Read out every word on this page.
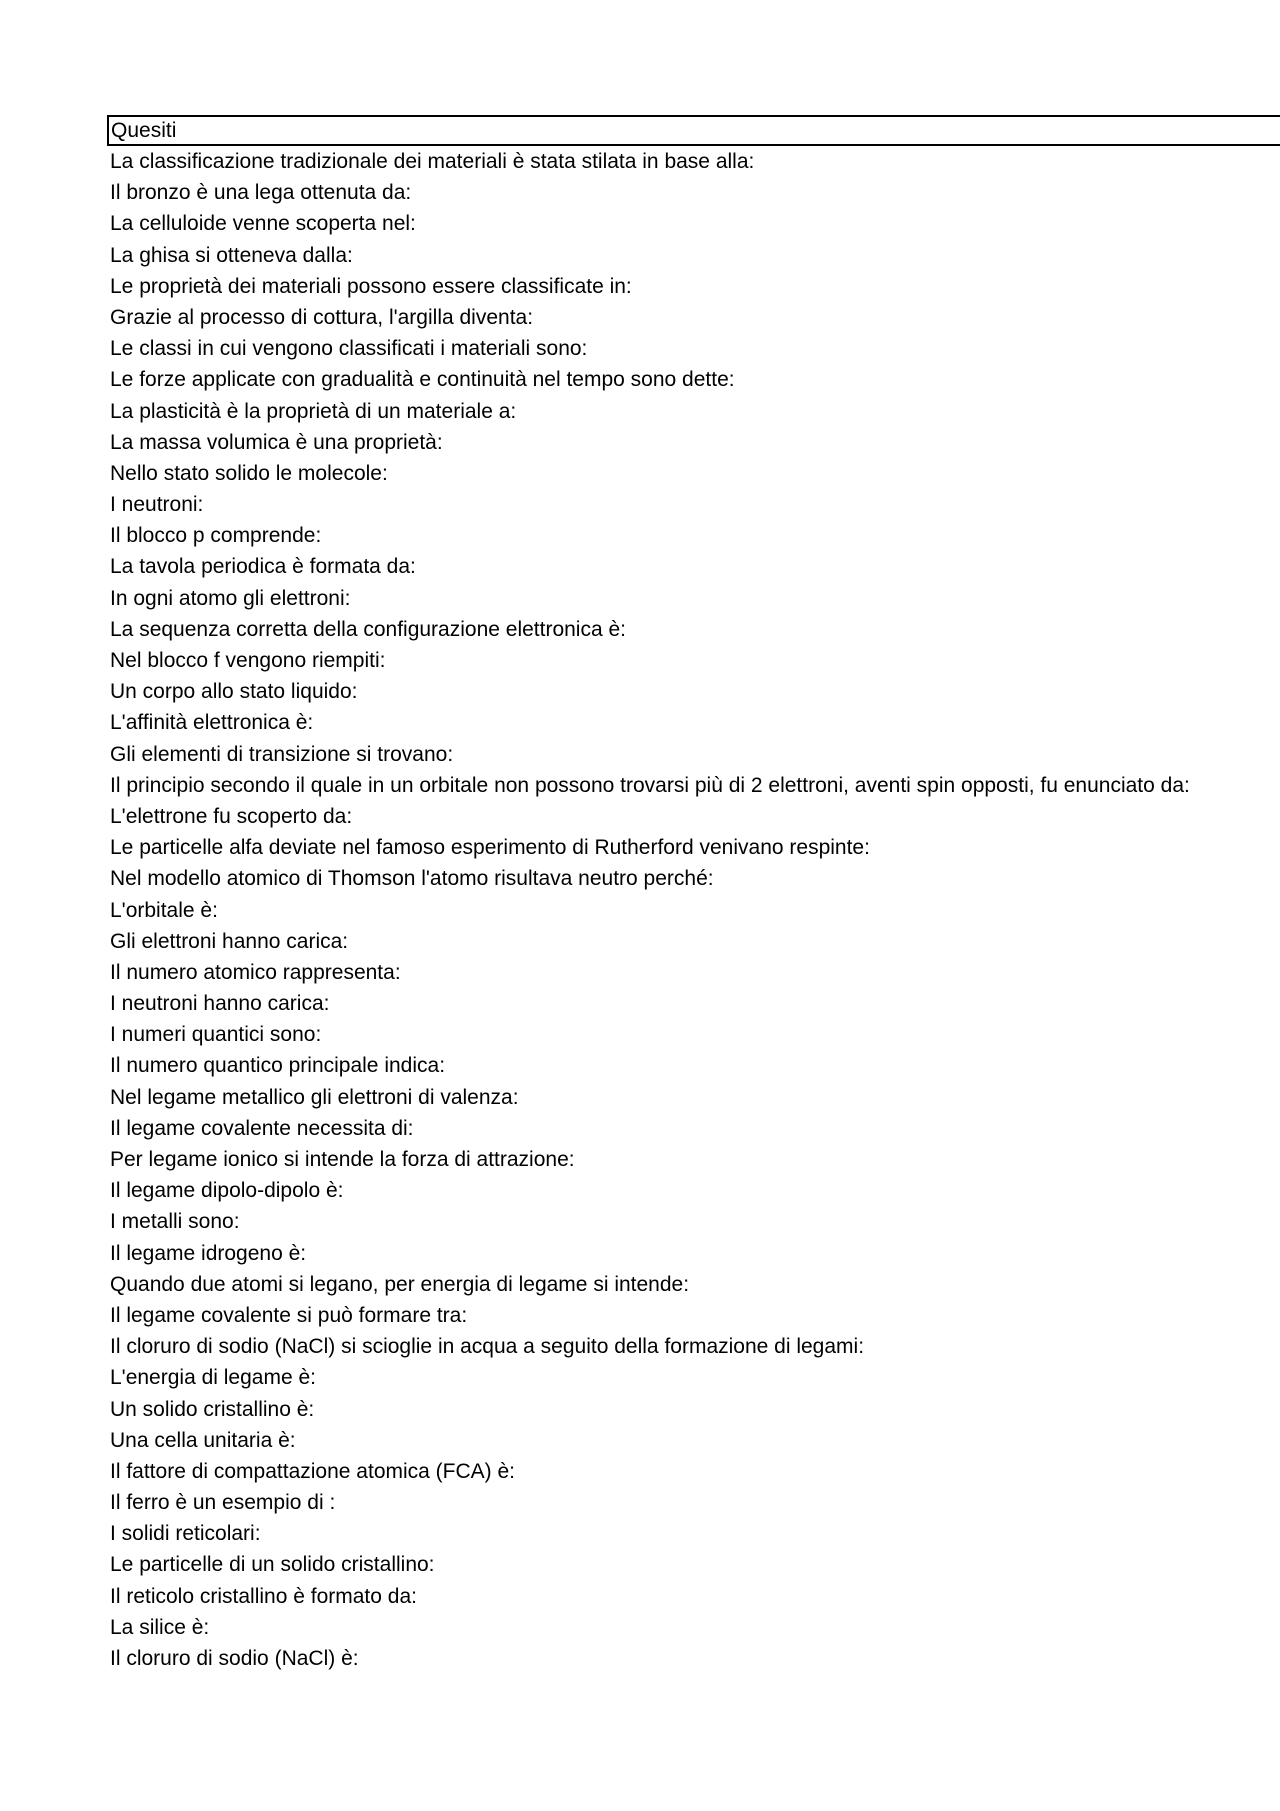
Quesiti
La classificazione tradizionale dei materiali è stata stilata in base alla:
Il bronzo è una lega ottenuta da:
La celluloide venne scoperta nel:
La ghisa si otteneva dalla:
Le proprietà dei materiali possono essere classificate in:
Grazie al processo di cottura, l'argilla diventa:
Le classi in cui vengono classificati i materiali sono:
Le forze applicate con gradualità e continuità nel tempo sono dette:
La plasticità è la proprietà di un materiale a:
La massa volumica è una proprietà:
Nello stato solido le molecole:
I neutroni:
Il blocco p comprende:
La tavola periodica è formata da:
In ogni atomo gli elettroni:
La sequenza corretta della configurazione elettronica è:
Nel blocco f vengono riempiti:
Un corpo allo stato liquido:
L'affinità elettronica è:
Gli elementi di transizione si trovano:
Il principio secondo il quale in un orbitale non possono trovarsi più di 2 elettroni, aventi spin opposti, fu enunciato da:
L'elettrone fu scoperto da:
Le particelle alfa deviate nel famoso esperimento di Rutherford venivano respinte:
Nel modello atomico di Thomson l'atomo risultava neutro perché:
L'orbitale è:
Gli elettroni hanno carica:
Il numero atomico rappresenta:
I neutroni hanno carica:
I numeri quantici sono:
Il numero quantico principale indica:
Nel legame metallico gli elettroni di valenza:
Il legame covalente necessita di:
Per legame ionico si intende la forza di attrazione:
Il legame dipolo-dipolo è:
I metalli sono:
Il legame idrogeno è:
Quando due atomi si legano, per energia di legame si intende:
Il legame covalente si può formare tra:
Il cloruro di sodio (NaCl) si scioglie in acqua a seguito della formazione di legami:
L'energia di legame è:
Un solido cristallino è:
Una cella unitaria è:
Il fattore di compattazione atomica (FCA) è:
Il ferro è un esempio di :
I solidi reticolari:
Le particelle di un solido cristallino:
Il reticolo cristallino è formato da:
La silice è:
Il cloruro di sodio (NaCl) è:
